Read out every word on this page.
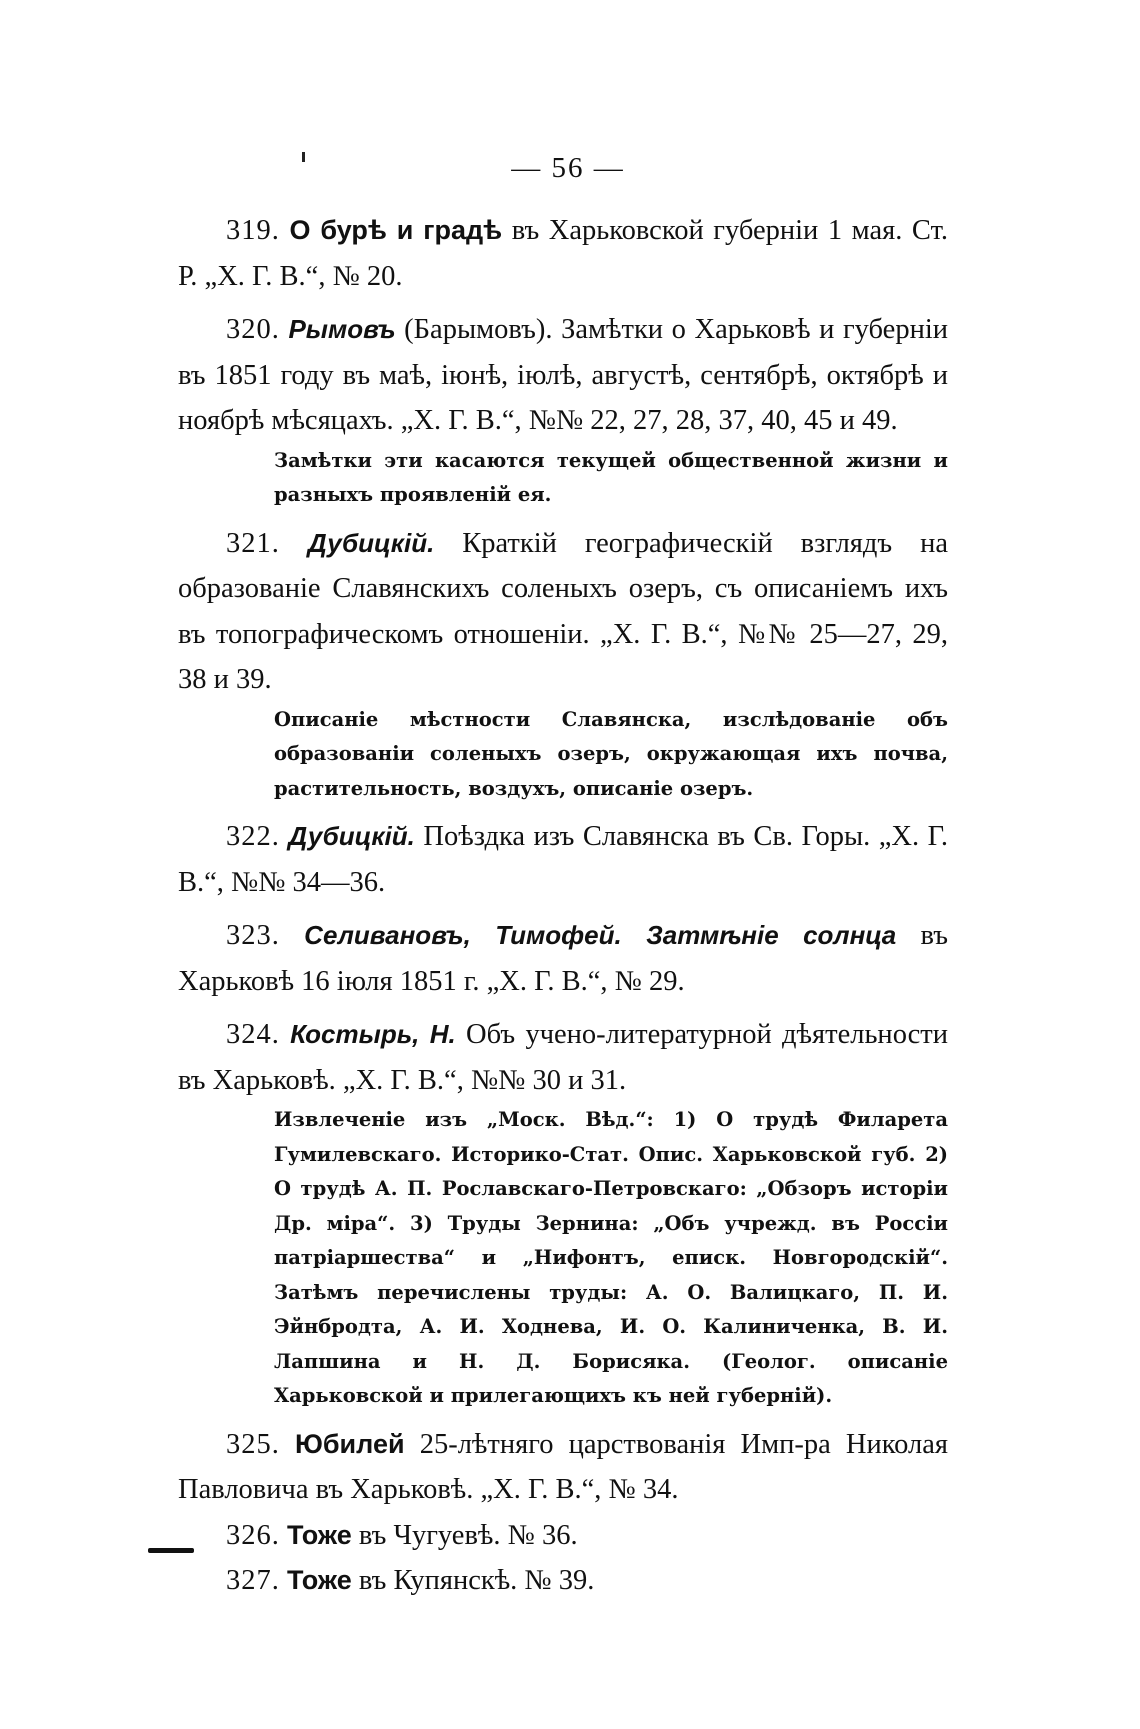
— 56 —

319. О бурѣ и градѣ въ Харьковской губерніи 1 мая. Ст. Р. „Х. Г. В.“, № 20.

320. Рымовъ (Барымовъ). Замѣтки о Харьковѣ и губерніи въ 1851 году въ маѣ, іюнѣ, іюлѣ, августѣ, сентябрѣ, октябрѣ и ноябрѣ мѣсяцахъ. „Х. Г. В.“, №№ 22, 27, 28, 37, 40, 45 и 49.

Замѣтки эти касаются текущей общественной жизни и разныхъ проявленій ея.

321. Дубицкій. Краткій географическій взглядъ на образованіе Славянскихъ соленыхъ озеръ, съ описаніемъ ихъ въ топографическомъ отношеніи. „Х. Г. В.“, №№ 25—27, 29, 38 и 39.

Описаніе мѣстности Славянска, изслѣдованіе объ образованіи соленыхъ озеръ, окружающая ихъ почва, растительность, воздухъ, описаніе озеръ.

322. Дубицкій. Поѣздка изъ Славянска въ Св. Горы. „Х. Г. В.“, №№ 34—36.

323. Селивановъ, Тимофей. Затмѣніе солнца въ Харьковѣ 16 іюля 1851 г. „Х. Г. В.“, № 29.

324. Костырь, Н. Объ учено-литературной дѣятельности въ Харьковѣ. „Х. Г. В.“, №№ 30 и 31.

Извлеченіе изъ „Моск. Вѣд.“: 1) О трудѣ Филарета Гумилевскаго. Историко-Стат. Опис. Харьковской губ. 2) О трудѣ А. П. Рославскаго-Петровскаго: „Обзоръ исторіи Др. міра“. 3) Труды Зернина: „Объ учрежд. въ Россіи патріаршества“ и „Нифонтъ, еписк. Новгородскій“. Затѣмъ перечислены труды: А. О. Валицкаго, П. И. Эйнбродта, А. И. Ходнева, И. О. Калиниченка, В. И. Лапшина и Н. Д. Борисяка. (Геолог. описаніе Харьковской и прилегающихъ къ ней губерній).

325. Юбилей 25-лѣтняго царствованія Имп-ра Николая Павловича въ Харьковѣ. „Х. Г. В.“, № 34.

326. Тоже въ Чугуевѣ. № 36.

327. Тоже въ Купянскѣ. № 39.
